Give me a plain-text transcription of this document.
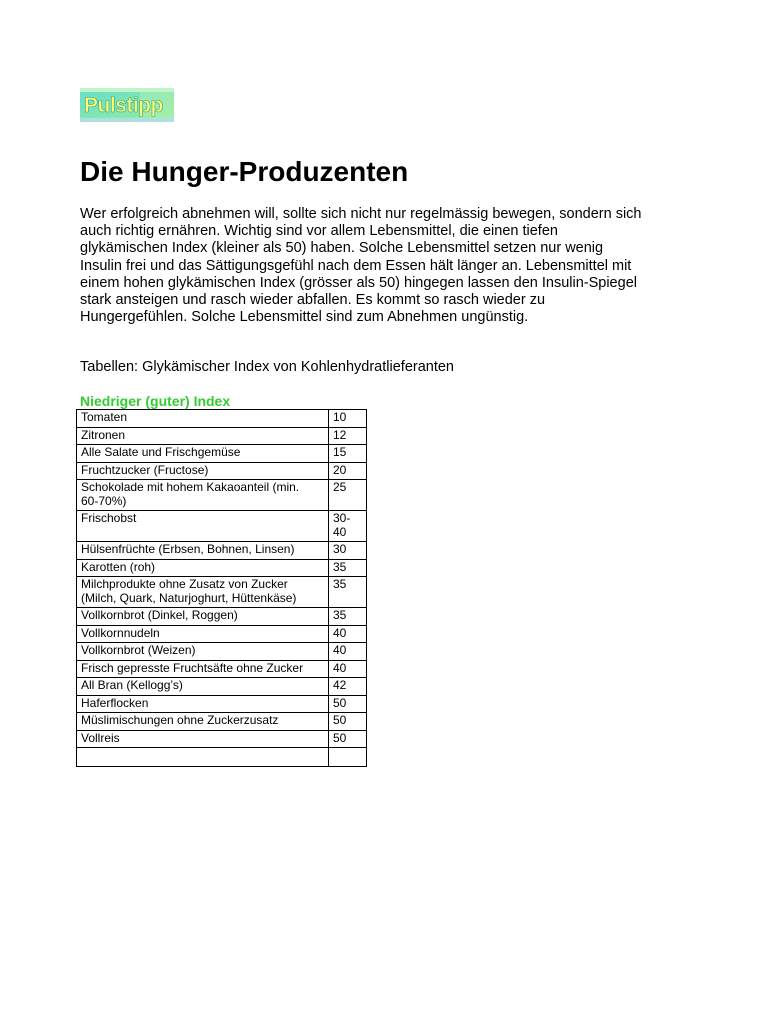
Pulstipp
Die Hunger-Produzenten
Wer erfolgreich abnehmen will, sollte sich nicht nur regelmässig bewegen, sondern sich
auch richtig ernähren. Wichtig sind vor allem Lebensmittel, die einen tiefen
glykämischen Index (kleiner als 50) haben. Solche Lebensmittel setzen nur wenig
Insulin frei und das Sättigungsgefühl nach dem Essen hält länger an. Lebensmittel mit
einem hohen glykämischen Index (grösser als 50) hingegen lassen den Insulin-Spiegel
stark ansteigen und rasch wieder abfallen. Es kommt so rasch wieder zu
Hungergefühlen. Solche Lebensmittel sind zum Abnehmen ungünstig.

Tabellen: Glykämischer Index von Kohlenhydratlieferanten

Niedriger (guter) Index
Tomaten	10

Zitronen	12

Alle Salate und Frischgemüse	15

Fruchtzucker (Fructose)	20

Schokolade mit hohem Kakaoanteil (min.
60-70%)	25

Frischobst	30-
40

Hülsenfrüchte (Erbsen, Bohnen, Linsen)	30

Karotten (roh)	35

Milchprodukte ohne Zusatz von Zucker
(Milch, Quark, Naturjoghurt, Hüttenkäse)	35

Vollkornbrot (Dinkel, Roggen)	35

Vollkornnudeln	40

Vollkornbrot (Weizen)	40

Frisch gepresste Fruchtsäfte ohne Zucker	40

All Bran (Kellogg’s)	42

Haferflocken	50

Müslimischungen ohne Zuckerzusatz	50

Vollreis	50
